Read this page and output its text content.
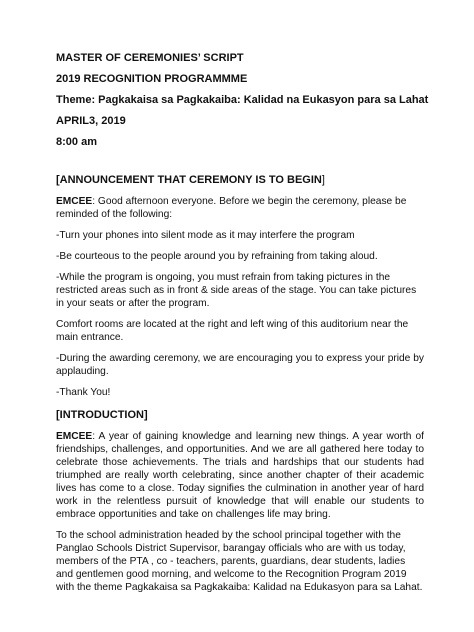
MASTER OF CEREMONIES’ SCRIPT
2019 RECOGNITION PROGRAMMME
Theme: Pagkakaisa sa Pagkakaiba: Kalidad na Eukasyon para sa Lahat
APRIL3, 2019
8:00 am
[ANNOUNCEMENT THAT CEREMONY IS TO BEGIN]
EMCEE: Good afternoon everyone. Before we begin the ceremony, please be reminded of the following:
-Turn your phones into silent mode as it may interfere the program
-Be courteous to the people around you by refraining from taking aloud.
-While the program is ongoing, you must refrain from taking pictures in the restricted areas such as in front & side areas of the stage. You can take pictures in your seats or after the program.
Comfort rooms are located at the right and left wing of this auditorium near the main entrance.
-During the awarding ceremony, we are encouraging you to express your pride by applauding.
-Thank You!
[INTRODUCTION]
EMCEE: A year of gaining knowledge and learning new things. A year worth of friendships, challenges, and opportunities. And we are all gathered here today to celebrate those achievements. The trials and hardships that our students had triumphed are really worth celebrating, since another chapter of their academic lives has come to a close. Today signifies the culmination in another year of hard work in the relentless pursuit of knowledge that will enable our students to embrace opportunities and take on challenges life may bring.
To the school administration headed by the school principal together with the Panglao Schools District Supervisor, barangay officials who are with us today, members of the PTA , co - teachers, parents, guardians, dear students, ladies and gentlemen good morning, and welcome to the Recognition Program 2019 with the theme Pagkakaisa sa Pagkakaiba: Kalidad na Edukasyon para sa Lahat.
